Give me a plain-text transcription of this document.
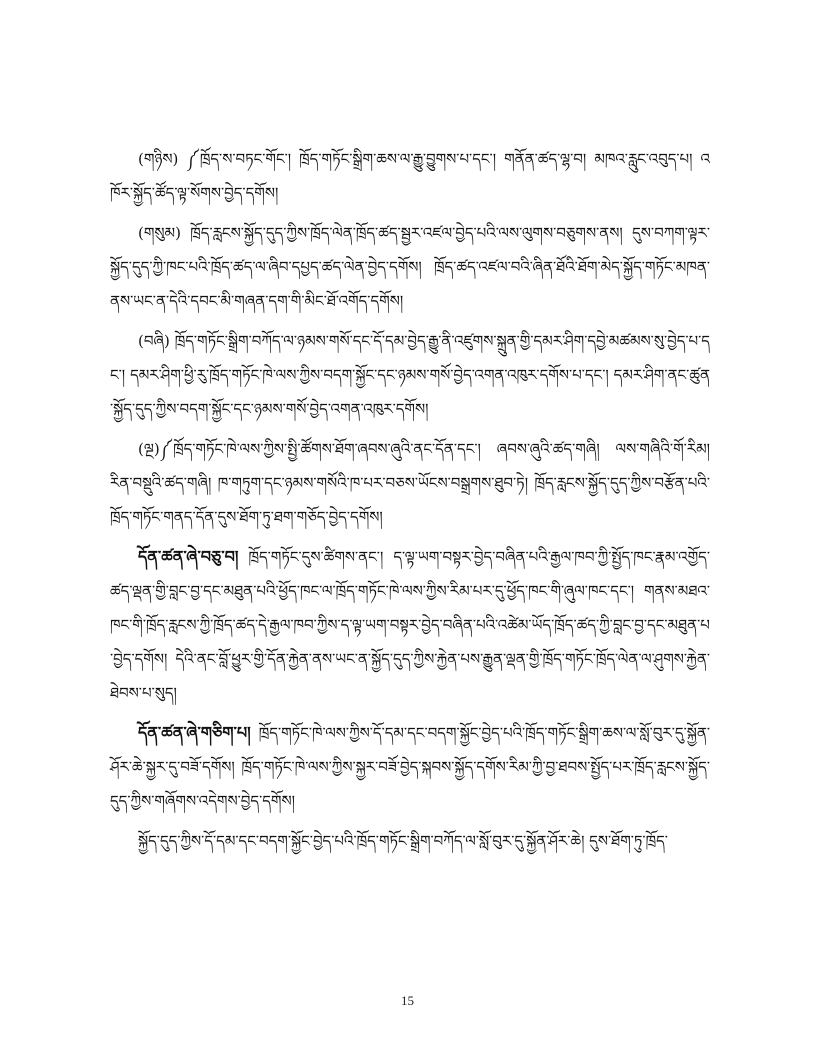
(གཉིས) ༼ཁྲོད་ས་བཏང་གོང་། ཁྲོད་གཏོང་སྒྲིག་ཆས་ལ་རྒྱུ་བྱུགས་པ་དང་། གནོན་ཚད་ལྷ་བ། མཁའ་རླུང་འབུད་པ། འཁོར་སྐྱོད་ཚོད་ལྟ་སོགས་བྱེད་དགོས།

(གསུམ) ཁྲོད་རླངས་སྐྱོད་དུད་ཀྱིས་ཁྲོད་ལེན་ཁྲོད་ཚད་སྦྱར་འཛལ་བྱེད་པའི་ལས་ལུགས་བཅུགས་ནས། དུས་བཀག་ལྟར་སྐྱོད་དུད་ཀྱི་ཁང་པའི་ཁྲོད་ཚད་ལ་ཞིབ་དཔྱད་ཚད་ལེན་བྱེད་དགོས། ཁྲོད་ཚད་འཛལ་བའི་ཞིན་ཐོའི་ཐོག་མེད་སྐྱོད་གཏོང་མཁན་ནས་ཡང་ན་དེའི་དབང་མི་གཞན་དག་གི་མིང་ཐོ་འགོད་དགོས།

(བཞི) ཁྲོད་གཏོང་སྒྲིག་བཀོད་ལ་ཉམས་གསོ་དང་དོ་དམ་བྱེད་རྒྱུ་ནི་འཛུགས་སྐྲུན་གྱི་དམར་ཤིག་དབྱེ་མཚམས་སུ་བྱེད་པ་དང་། དམར་ཤིག་ཕྱི་རུ་ཁྲོད་གཏོང་ཁེ་ལས་ཀྱིས་བདག་སྐྱོང་དང་ཉམས་གསོ་བྱེད་འགན་འཁུར་དགོས་པ་དང་། དམར་ཤིག་ནང་ཚུན་སྐྱོད་དུད་ཀྱིས་བདག་སྐྱོང་དང་ཉམས་གསོ་བྱེད་འགན་འཁུར་དགོས།

(ལྔ)༼ཁྲོད་གཏོང་ཁེ་ལས་ཀྱིས་སྤྱི་ཚོགས་ཐོག་ཞབས་ཞུའི་ནང་དོན་དང་། ཞབས་ཞུའི་ཚད་གཞི། ལས་གཞིའི་གོ་རིམ། རིན་བསྡུའི་ཚད་གཞི། ཁ་གཏུག་དང་ཉམས་གསོའི་ཁ་པར་བཅས་ཡོངས་བསྒྲགས་ཐུབ་ཏེ། ཁྲོད་རླངས་སྐྱོད་དུད་ཀྱིས་བརྩོན་པའི་ཁྲོད་གཏོང་གནད་དོན་དུས་ཐོག་ཏུ་ཐག་གཅོད་བྱེད་དགོས།

དོན་ཚན་ཞེ་བཅུ་བ། ཁྲོད་གཏོང་དུས་ཚིགས་ནང་། ད་ལྟ་ཡག་བསྟར་བྱེད་བཞིན་པའི་རྒྱལ་ཁབ་ཀྱི་སྤྱོད་ཁང་རྣམ་འགྱོད་ཚད་ལྡན་གྱི་བླང་བྱ་དང་མཐུན་པའི་ཕྱོད་ཁང་ལ་ཁྲོད་གཏོང་ཁེ་ལས་ཀྱིས་རིམ་པར་དུ་ཕྱོད་ཁང་གི་ཞུལ་ཁང་དང་། གནས་མཐའ་ཁང་གི་ཁྲོད་རླངས་ཀྱི་ཁྲོད་ཚད་དེ་རྒྱལ་ཁབ་ཀྱིས་ད་ལྟ་ཡག་བསྟར་བྱེད་བཞིན་པའི་འཚེམ་ཡོད་ཁྲོད་ཚད་ཀྱི་བླང་བྱ་དང་མཐུན་པ་བྱེད་དགོས། དེའི་ནང་བློ་ཕྱུར་གྱི་དོན་རྐྱེན་ནས་ཡང་ན་སྐྱོད་དུད་ཀྱིས་རྐྱེན་པས་རྒྱུན་ལྡན་གྱི་ཁྲོད་གཏོང་ཁྲོད་ལེན་ལ་ཤུགས་རྐྱེན་ཐེབས་པ་སུད།

དོན་ཚན་ཞེ་གཅིག་པ། ཁྲོད་གཏོང་ཁེ་ལས་ཀྱིས་དོ་དམ་དང་བདག་སྐྱོང་བྱེད་པའི་ཁྲོད་གཏོང་སྒྲིག་ཆས་ལ་སློ་བུར་དུ་སྐྱོན་ཤོར་ཆེ་སྐྱར་དུ་བཟོ་དགོས། ཁྲོད་གཏོང་ཁེ་ལས་ཀྱིས་སྐྱར་བཟོ་བྱེད་སྐབས་སྐྱོད་དགོས་རིམ་ཀྱི་བྱ་ཐབས་སྤྱོད་པར་ཁྲོད་རླངས་སྐྱོད་དུད་ཀྱིས་གཞོགས་འདེགས་བྱེད་དགོས།

སྐྱོད་དུད་ཀྱིས་དོ་དམ་དང་བདག་སྐྱོང་བྱེད་པའི་ཁྲོད་གཏོང་སྒྲིག་བཀོད་ལ་སློ་བུར་དུ་སྐྱོན་ཤོར་ཆེ། དུས་ཐོག་ཏུ་ཁྲོད་

15
